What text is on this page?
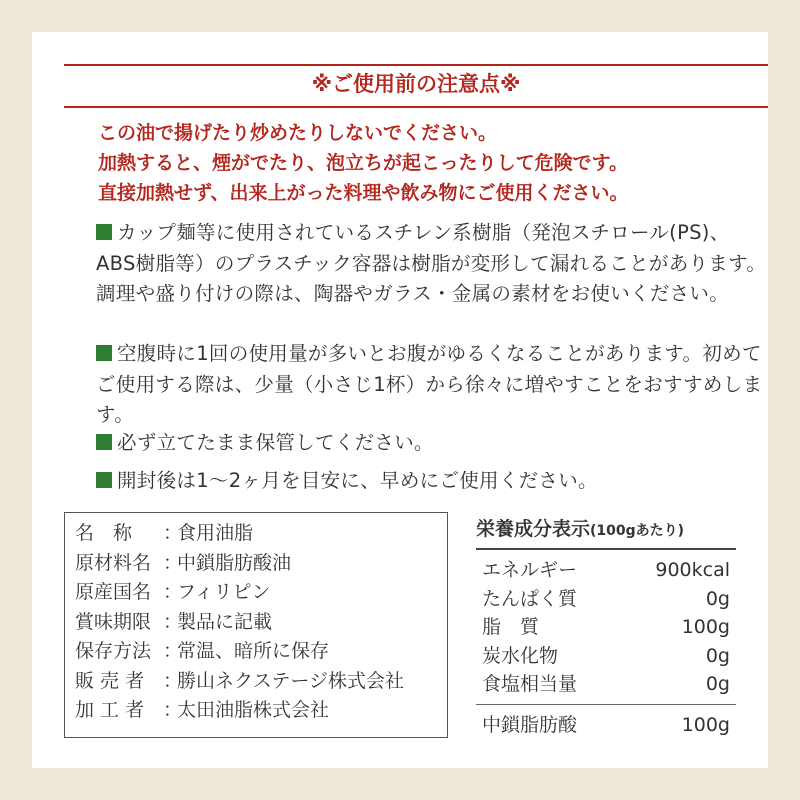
※ご使用前の注意点※
この油で揚げたり炒めたりしないでください。
加熱すると、煙がでたり、泡立ちが起こったりして危険です。
直接加熱せず、出来上がった料理や飲み物にご使用ください。
カップ麺等に使用されているスチレン系樹脂（発泡スチロール(PS)、ABS樹脂等）のプラスチック容器は樹脂が変形して漏れることがあります。調理や盛り付けの際は、陶器やガラス・金属の素材をお使いください。
空腹時に1回の使用量が多いとお腹がゆるくなることがあります。初めてご使用する際は、少量（小さじ1杯）から徐々に増やすことをおすすめします。
必ず立てたまま保管してください。
開封後は1～2ヶ月を目安に、早めにご使用ください。
名　称 ：食用油脂
原材料名 ：中鎖脂肪酸油
原産国名 ：フィリピン
賞味期限 ：製品に記載
保存方法 ：常温、暗所に保存
販 売 者 ：勝山ネクステージ株式会社
加 工 者 ：太田油脂株式会社
栄養成分表示(100gあたり)
エネルギー	900kcal
たんぱく質	0g
脂　質	100g
炭水化物	0g
食塩相当量	0g
中鎖脂肪酸	100g
